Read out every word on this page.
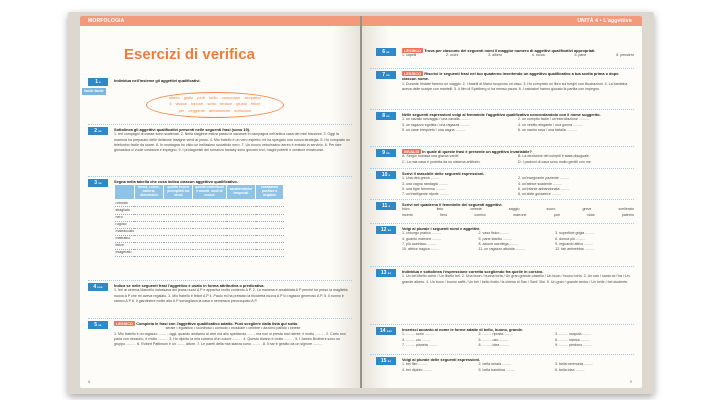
MORFOLOGIA
Esercizi di verifica
1●	Individua nell'insieme gli aggettivi qualificativi.
facile facile
albero giallo perfi bello comunque simpatico
il vivace topone sotto tenace giusto felice
per veggente abbondante sottovoce
2●●	Sottolinea gli aggettivi qualificativi presenti nelle seguenti frasi (sono 19).
1. Ieri compagni di classe sono scatenati. 2. Nella stagione estiva passo le vacanze in campagna nell'antica casa dei miei bisnonni. 3. Oggi la mamma ha preparato delle deliziose lasagne verdi al pesto. 4. Mio fratello è un vero esperto: mi ha spiegato una nuova strategia. 5. Ho comprato un telefonino facile da usare. 6. In montagna ho visto un bellissimo scoiattolo nero. 7. Un nuovo velocissimo aereo è entrato in servizio. 8. Per fare ginnastica ci vuole costanza e impegno. 9. I protagonisti del romanzo fantasy sono giovani eroi, maghi potenti e creature mostruose.
3●●	Segna nella tabella che cosa indica ciascun aggettivo qualificativo.
	forma, colore, materia, dimensioni	qualità fisiche percepibili coi sensi	qualità intellettuali e morali, modi di essere	caratteristiche temporali	valutazioni positive o negative
rotondo					
sbagliato					
nero					
rugoso					
maleducato					
mattutino					
felice					
esagerato					
4●●●	Indica se nelle seguenti frasi l'aggettivo è usato in forma attributiva o predicativa.
1. Ieri al cinema Marcello indossava dei jeans nuovi A P e appariva molto contento A P. 2. La mamma è arrabbiata A P perché ho perso la maglietta nuova A P che mi aveva regalato. 3. Mio fratello è felice A P 4. Paolo mi ha prestato la bicicletta nuova A P Io ragazzo generoso A P. 5. Il nonno è stanco A P 6. Il giardiniere molto alto A P sorvegliava la casa e sembrava preoccupato A P.
5●●	LESSICO Completa le frasi con l'aggettivo qualificativo adatto. Puoi scegliere dalla lista qui sotto.
serale • egoistico • scontroso • comodo • musicale • celebre • azzurro pallido • cinese
1. Mio fratello è un ragazzo ........ : oggi, quando andiamo al cine ma allo spettacolo ........ ma non si presta mai niente, è molto ........ . 2. Carlo non parla con nessuno, è molto ........ . 3. Ho dipinto la mia camera d'un colore ........ . 4. Questo divano è molto ........ . 5. I James Brothers sono un gruppo ........ . 6. Robert Pattinson è un ........ attore. 7. Le pareti della mia stanza sono ........ . 8. Il bar è gestito da un signore ........ .
8
UNITÀ 4 • L'aggettivo
6●●	LESSICO Trova per ciascuno dei seguenti nomi il maggior numero di aggettivi qualificativi appropriati.
1. capelli	2. occhi	3. albero	4. rocca	5. pane	6. pensiero
7●●	LESSICO Riscrivi le seguenti frasi nel tuo quaderno invertendo un aggettivo qualificativo a tua scelta prima o dopo ciascun nome.
1. Durante l'estate faremo un viaggio. 2. I fratelli di Mario scoprono un vaso. 3. Ho comprato un libro sui funghi con illustrazioni. 4. La bambina aveva delle scarpe con mantelli. 5. Il film di Spielberg ci ha messo paura. 6. I calciatori hanno giocato la partita con impegno.
8●●	Nelle seguenti espressioni volgi al femminile l'aggettivo qualificativo concordandolo con il nome suggerito.
1. un cavallo selvaggio / una cavalla ..........	2. un compito facile / un'esercitazione ..........
3. un ragazzo egoista / una ragazza ..........	4. un vestito elegante / una gonna ..........
5. un cane irrequieto / una cagna ..........	6. un nastro rosa / una farfalla ..........
9●●	INVALSI In quale di queste frasi è presente un aggettivo invariabile?
A. Sergio indossa una giacca verde.	B. La decisione dei compiti è stata disuguale.
C. La mia casa è protetta da un sistema antifurto.	D. I padroni di casa sono molto gentili con me.
10●	Scrivi il maschile delle seguenti espressioni.
1. Una dea greca .........	2. un'insegnante paziente .........
3. una cagna randagia .........	4. un'attrice scadente .........
5. una tigre femmina .........	6. un'infante abbandonata .........
7. un'intelligente nipote .........	8. un'abile guidatrice .........
11●	Scrivi nel quaderno il femminile dei seguenti aggettivi.
fulvo	lieto	celeste	saggio	scuro	greve	scellerato
incerto	fiero	comico	marrone	pari	viola	paterno
12●●	Volgi al plurale i seguenti nomi e aggettivi.
1. chirurgo pratico .........	2. vaso fisico .........	3. superficie grigia ......... 4. guanto marrone .........	5. pane stantio .........	6. donna più ......... 7. più austriaco .........	8. azione sacrilega .........	9. reguardo attivo ......... 10. attrice tragica .........	11. un ragazzo attuista .........	12. fan antinebbia .........
13●●	Individua e sottolinea l'espressione corretta scegliendo fra quelle in corsivo.
1. Un bel libello come / Un libello bel. 2. Una buon / buona torta / Un gran grande castello / Un buon / buono torta. 3. Un san / santo ce l'ha / Un grande albero. 4. Un buon / buono caffè / Un bel / bello frutto / la chiesa di San / Sant' Sisi. 5. Un gran / grande amico / Un belle / bel studente.
14●●●	Inserisci accanto al nome le forme adatte di bello, buono, grande.
1. ......... sono .........	2. ......... riposta .........	3. ......... scapola ......... 4. ......... zio .........	5. ......... uso .........	6. ......... stanza ......... 7. ......... pianeta .........	8. ......... idea .........	9. ......... perdono .........
15●●	Volgi al plurale delle seguenti espressioni.
1. bel film .........	2. bella serata .........	3. bella cerimonia ......... 4. bel dipinto .........	5. bella bambina .........	6. bella idea .........
9
